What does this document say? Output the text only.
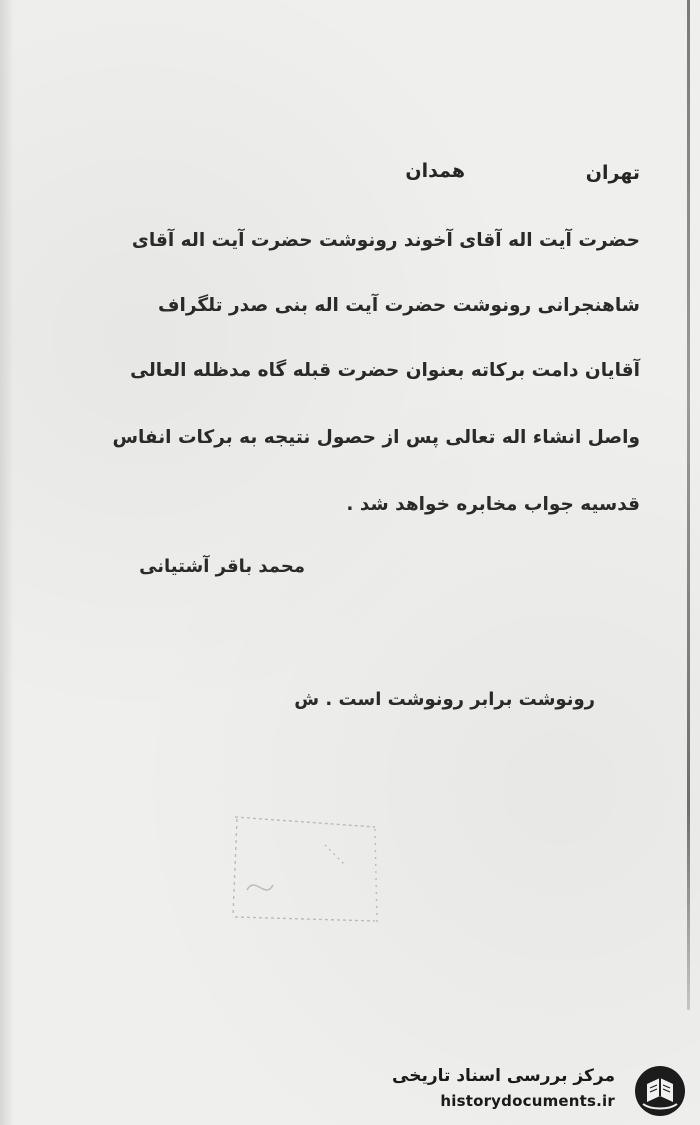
تهران
همدان
حضرت آیت اله آقای آخوند رونوشت حضرت آیت اله آقای
شاهنجرانی رونوشت حضرت آیت اله بنی صدر تلگراف
آقایان دامت برکاته بعنوان حضرت قبله گاه مدظله العالی
واصل انشاء اله تعالی پس از حصول نتیجه به برکات انفاس
قدسیه جواب مخابره خواهد شد .
محمد باقر آشتیانی
رونوشت برابر رونوشت است . ش
مرکز بررسی اسناد تاریخی
historydocuments.ir
